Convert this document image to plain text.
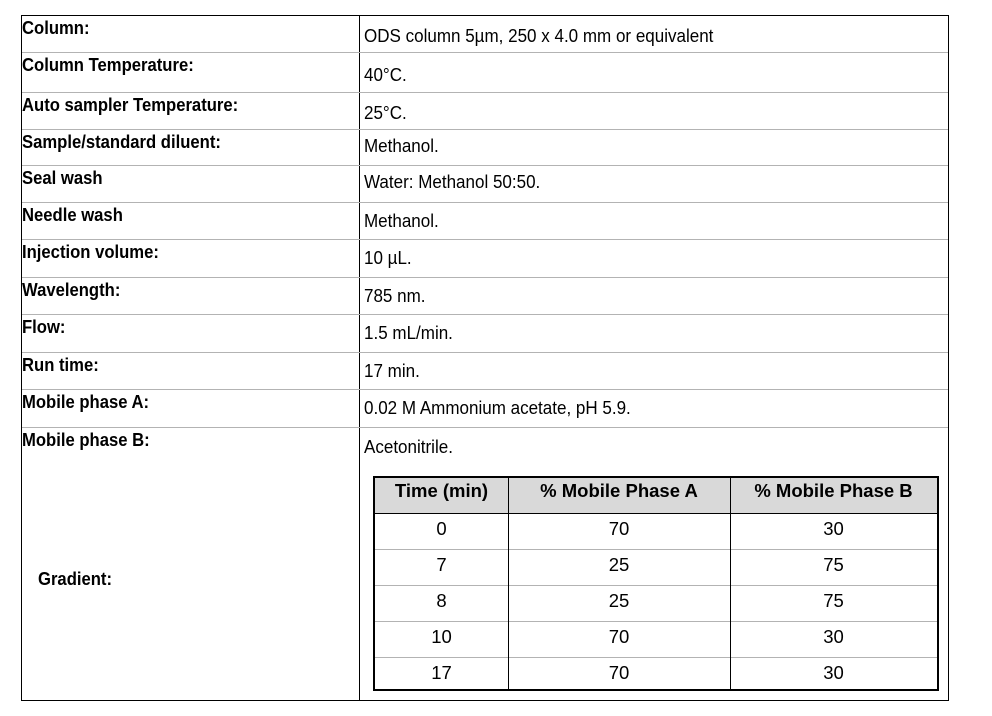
Column:	ODS column 5µm, 250 x 4.0 mm or equivalent
Column Temperature:	40°C.
Auto sampler Temperature:	25°C.
Sample/standard diluent:	Methanol.
Seal wash	Water: Methanol 50:50.
Needle wash	Methanol.
Injection volume:	10 µL.
Wavelength:	785 nm.
Flow:	1.5 mL/min.
Run time:	17 min.
Mobile phase A:	0.02 M Ammonium acetate, pH 5.9.
Mobile phase B:	Acetonitrile.
Gradient:
Time (min)	% Mobile Phase A	% Mobile Phase B
0	70	30
7	25	75
8	25	75
10	70	30
17	70	30
